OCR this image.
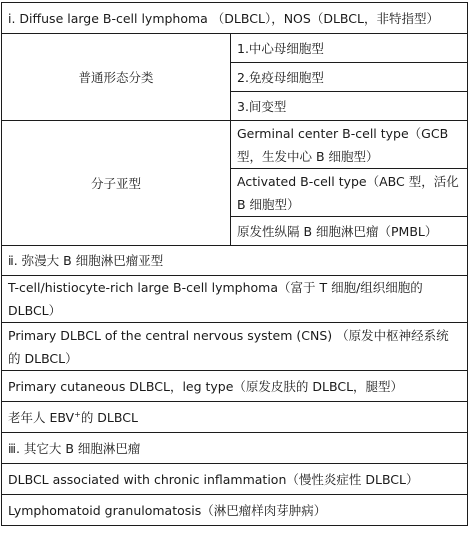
ⅰ. Diffuse large B-cell lymphoma （DLBCL），NOS（DLBCL，非特指型）	
普通形态分类	1.中心母细胞型
	2.免疫母细胞型
	3.间变型
分子亚型	Germinal center B-cell type（GCB 型，生发中心 B 细胞型）
	Activated B-cell type（ABC 型，活化 B 细胞型）
	原发性纵隔 B 细胞淋巴瘤（PMBL）
ⅱ. 弥漫大 B 细胞淋巴瘤亚型	
T-cell/histiocyte-rich large B-cell lymphoma（富于 T 细胞/组织细胞的 DLBCL）	
Primary DLBCL of the central nervous system (CNS) （原发中枢神经系统的 DLBCL）	
Primary cutaneous DLBCL，leg type（原发皮肤的 DLBCL，腿型）	
老年人 EBV+的 DLBCL	
ⅲ. 其它大 B 细胞淋巴瘤	
DLBCL associated with chronic inflammation（慢性炎症性 DLBCL）	
Lymphomatoid granulomatosis（淋巴瘤样肉芽肿病）	
